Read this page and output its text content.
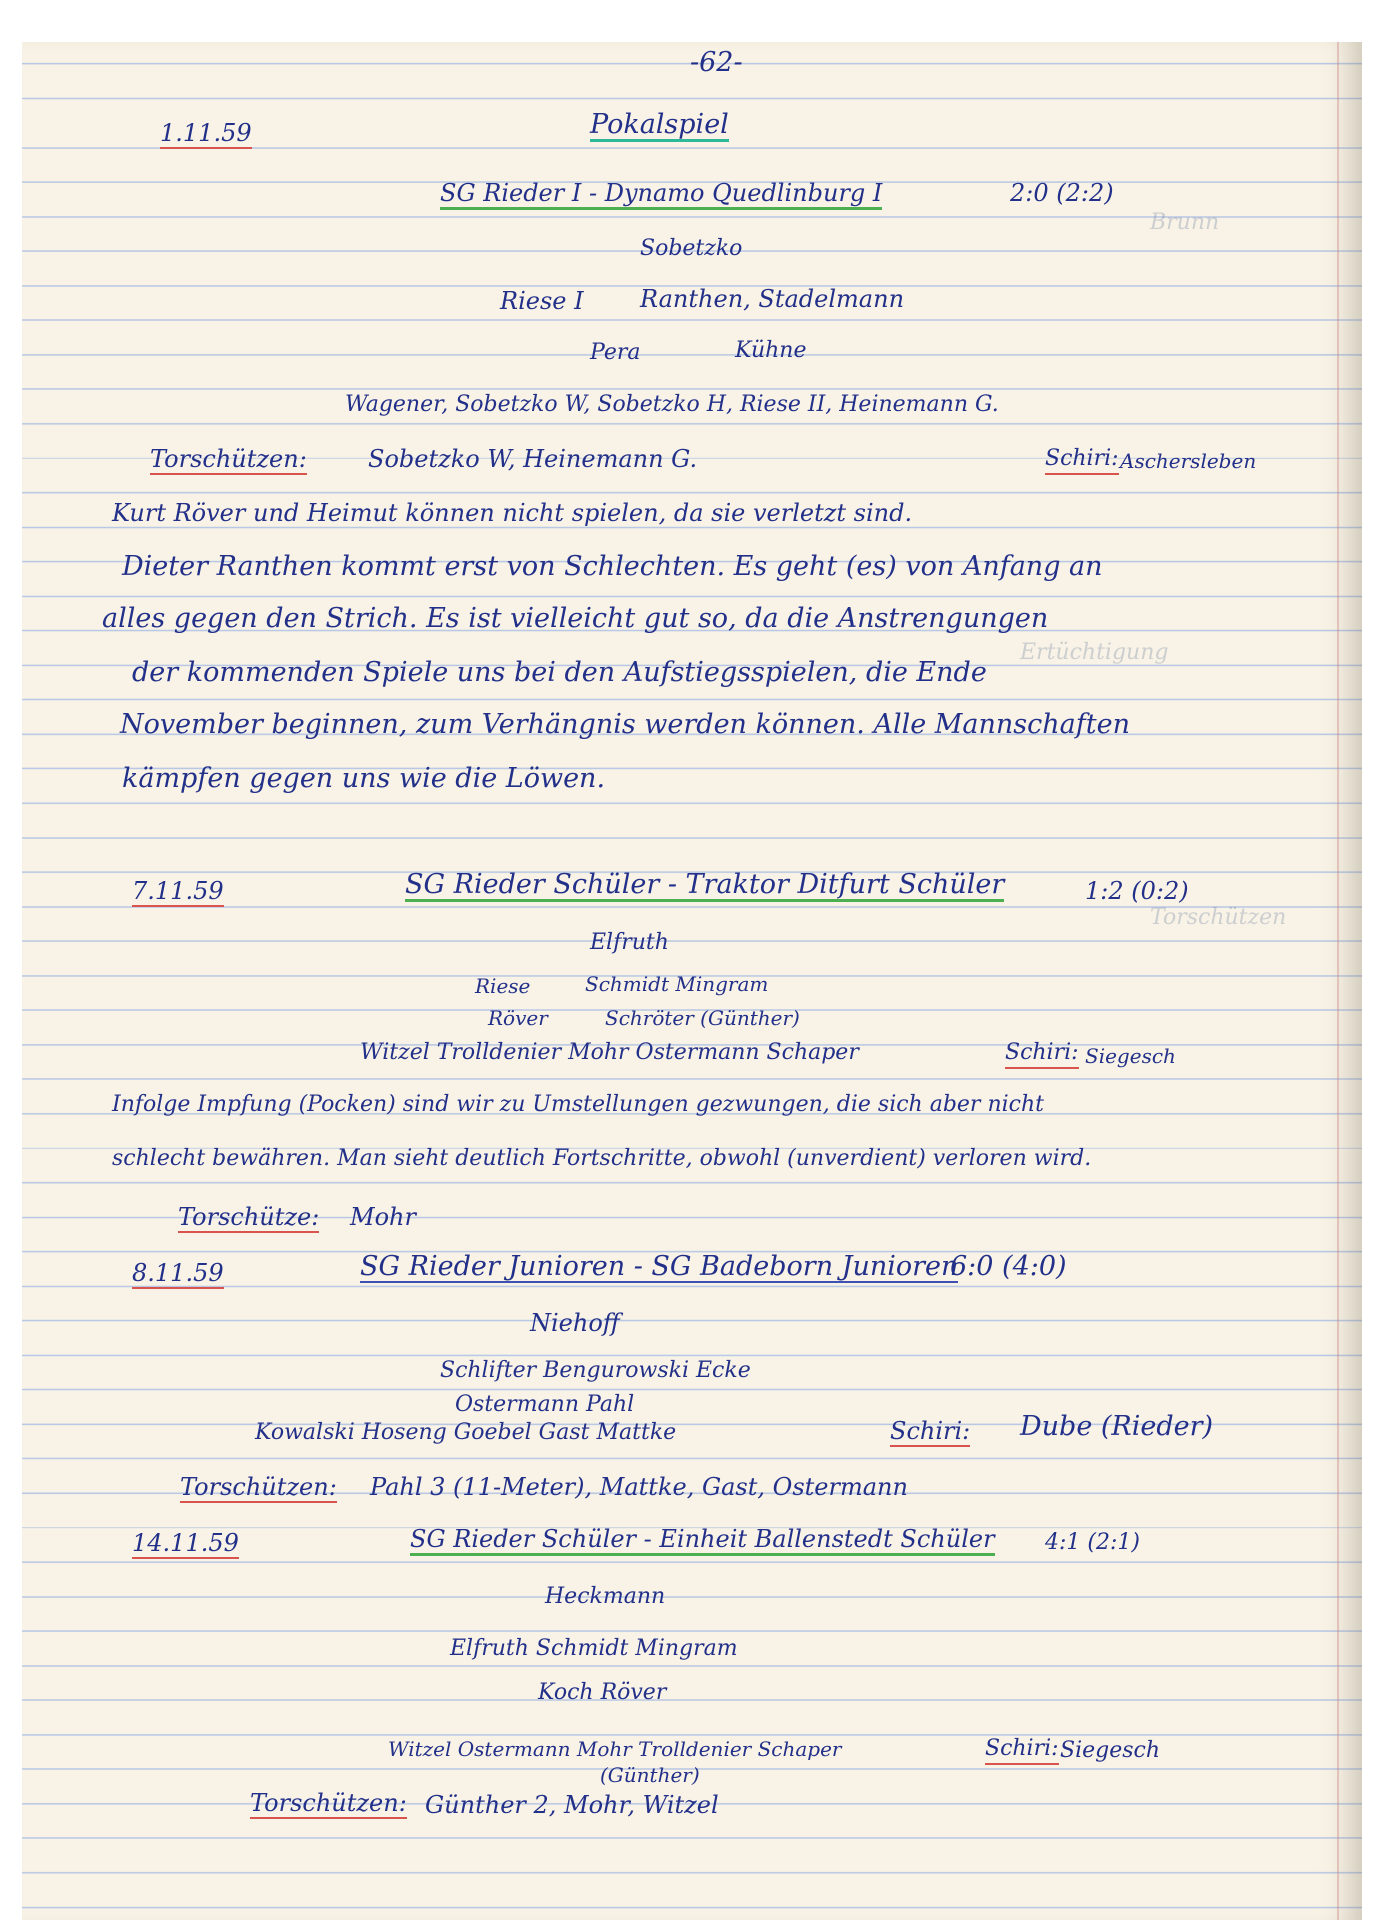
Brunn
Ertüchtigung
Torschützen
-62-
1.11.59	Pokalspiel
SG Rieder I - Dynamo Quedlinburg I	2:0 (2:2)
Sobetzko
Riese I Ranthen, Stadelmann
Pera	Kühne
Wagener, Sobetzko W, Sobetzko H, Riese II, Heinemann G.
Torschützen:	Sobetzko W, Heinemann G.	Schiri: Aschersleben
Kurt Röver und Heimut können nicht spielen, da sie verletzt sind.
Dieter Ranthen kommt erst von Schlechten. Es geht (es) von Anfang an
alles gegen den Strich. Es ist vielleicht gut so, da die Anstrengungen
der kommenden Spiele uns bei den Aufstiegsspielen, die Ende
November beginnen, zum Verhängnis werden können. Alle Mannschaften
kämpfen gegen uns wie die Löwen.
7.11.59	SG Rieder Schüler - Traktor Ditfurt Schüler	1:2 (0:2)
Elfruth
Riese	Schmidt Mingram
Röver	Schröter (Günther)
Witzel Trolldenier Mohr Ostermann Schaper	Schiri: Siegesch
Infolge Impfung (Pocken) sind wir zu Umstellungen gezwungen, die sich aber nicht
schlecht bewähren. Man sieht deutlich Fortschritte, obwohl (unverdient) verloren wird.
Torschütze: Mohr
8.11.59	SG Rieder Junioren - SG Badeborn Junioren
6:0 (4:0)
Niehoff
Schlifter Bengurowski Ecke
Ostermann Pahl
Kowalski Hoseng Goebel Gast Mattke	Schiri: Dube (Rieder)
Torschützen: Pahl 3 (11-Meter), Mattke, Gast, Ostermann
14.11.59	SG Rieder Schüler - Einheit Ballenstedt Schüler 4:1 (2:1)
Heckmann
Elfruth Schmidt Mingram
Koch Röver
Witzel Ostermann Mohr Trolldenier Schaper
(Günther)
Schiri: Siegesch
Torschützen: Günther 2, Mohr, Witzel
